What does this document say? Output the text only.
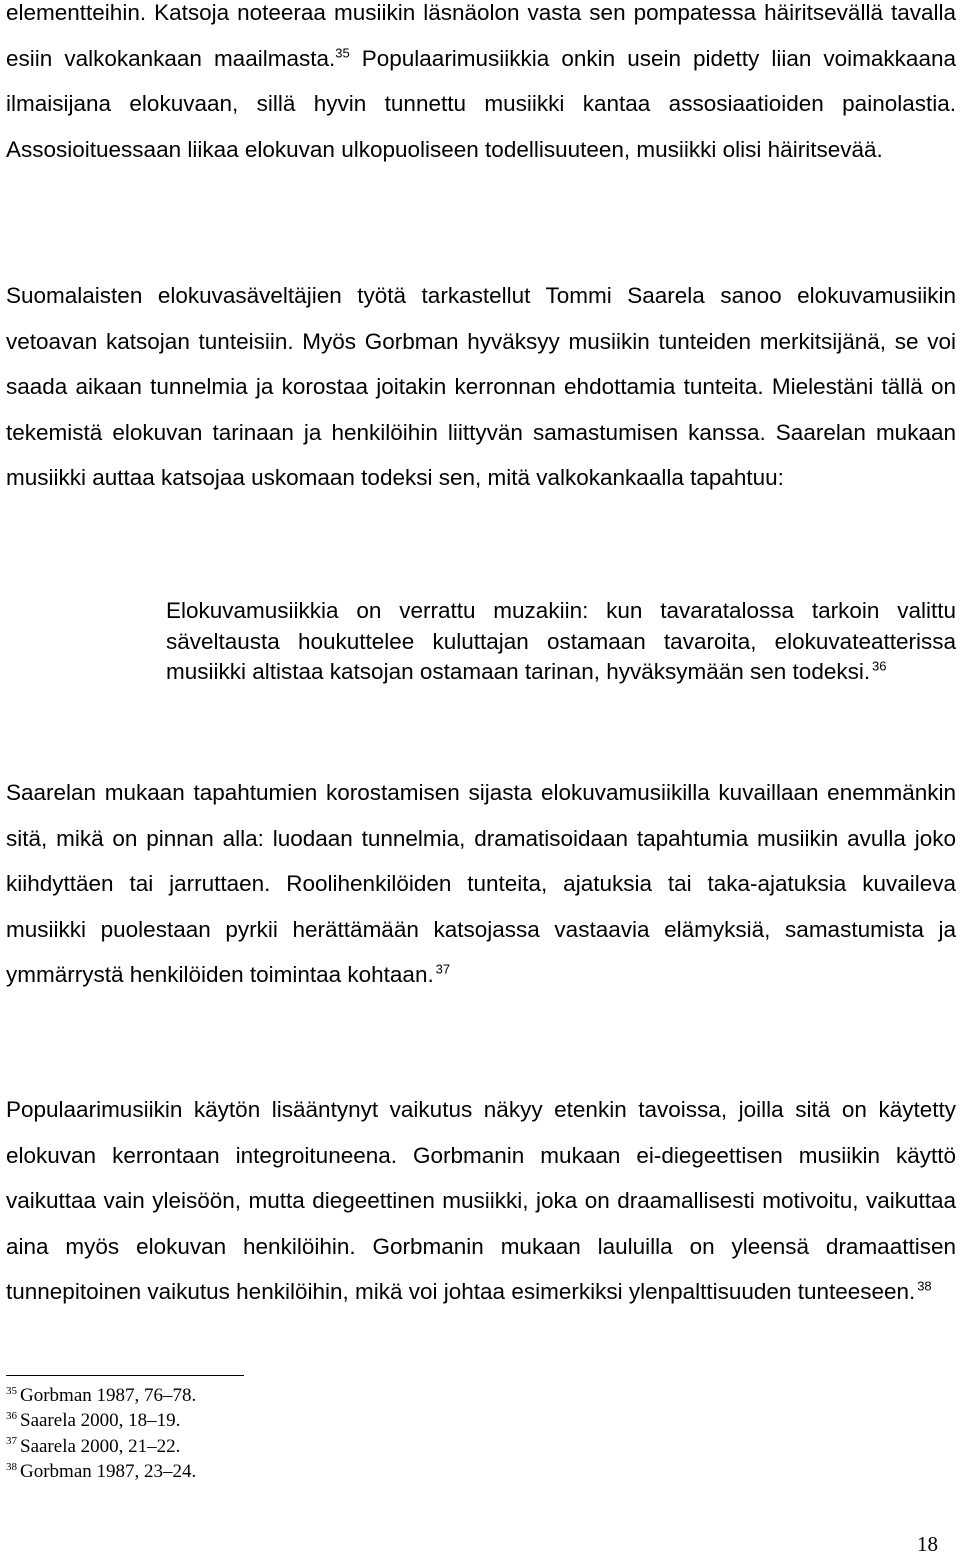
elementteihin. Katsoja noteeraa musiikin läsnäolon vasta sen pompatessa häiritsevällä tavalla esiin valkokankaan maailmasta.$^{35}$ Populaarimusiikkia onkin usein pidetty liian voimakkaana ilmaisijana elokuvaan, sillä hyvin tunnettu musiikki kantaa assosiaatioiden painolastia. Assosioituessaan liikaa elokuvan ulkopuoliseen todellisuuteen, musiikki olisi häiritsevää.

Suomalaisten elokuvasäveltäjien työtä tarkastellut Tommi Saarela sanoo elokuvamusiikin vetoavan katsojan tunteisiin. Myös Gorbman hyväksyy musiikin tunteiden merkitsijänä, se voi saada aikaan tunnelmia ja korostaa joitakin kerronnan ehdottamia tunteita. Mielestäni tällä on tekemistä elokuvan tarinaan ja henkilöihin liittyvän samastumisen kanssa. Saarelan mukaan musiikki auttaa katsojaa uskomaan todeksi sen, mitä valkokankaalla tapahtuu:

Elokuvamusiikkia on verrattu muzakiin: kun tavaratalossa tarkoin valittu säveltausta houkuttelee kuluttajan ostamaan tavaroita, elokuvateatterissa musiikki altistaa katsojan ostamaan tarinan, hyväksymään sen todeksi.  $^{36}$

Saarelan mukaan tapahtumien korostamisen sijasta elokuvamusiikilla kuvaillaan enemmänkin sitä, mikä on pinnan alla: luodaan tunnelmia, dramatisoidaan tapahtumia musiikin avulla joko kiihdyttäen tai jarruttaen. Roolihenkilöiden tunteita, ajatuksia tai taka-ajatuksia kuvaileva musiikki puolestaan pyrkii herättämään katsojassa vastaavia elämyksiä, samastumista ja ymmärrystä henkilöiden toimintaa kohtaan.  $^{37}$

Populaarimusiikin käytön lisääntynyt vaikutus näkyy etenkin tavoissa, joilla sitä on käytetty elokuvan kerrontaan integroituneena. Gorbmanin mukaan ei-diegeettisen musiikin käyttö vaikuttaa vain yleisöön, mutta diegeettinen musiikki, joka on draamallisesti motivoitu, vaikuttaa aina myös elokuvan henkilöihin. Gorbmanin mukaan lauluilla on yleensä dramaattisen tunnepitoinen vaikutus henkilöihin, mikä voi johtaa esimerkiksi ylenpalttisuuden tunteeseen.  $^{38}$

$^{35}$ Gorbman 1987, 76–78.
$^{36}$ Saarela 2000, 18–19.
$^{37}$ Saarela 2000, 21–22.
$^{38}$ Gorbman 1987, 23–24.
18
